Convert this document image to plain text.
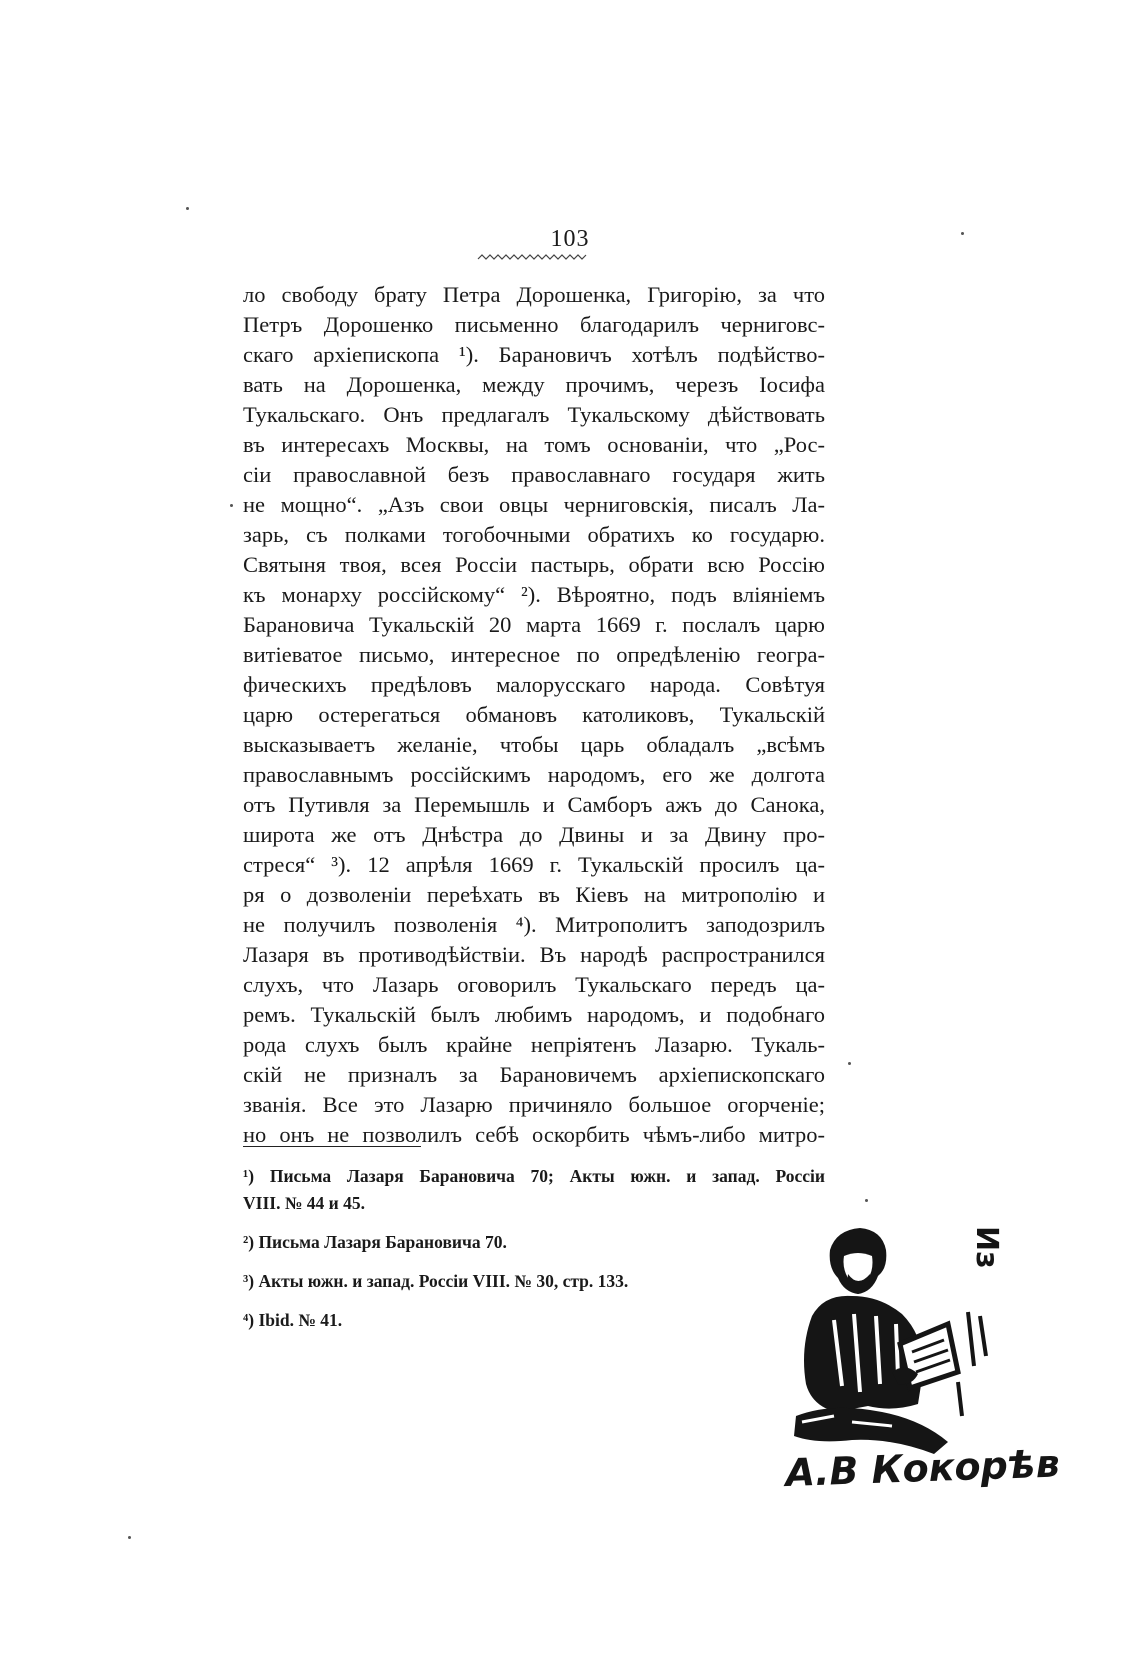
103
ло свободу брату Петра Дорошенка, Григорію, за что
Петръ Дорошенко письменно благодарилъ черниговс-
скаго архіепископа ¹). Барановичъ хотѣлъ подѣйство-
вать на Дорошенка, между прочимъ, черезъ Іосифа
Тукальскаго. Онъ предлагалъ Тукальскому дѣйствовать
въ интересахъ Москвы, на томъ основаніи, что „Рос-
сіи православной безъ православнаго государя жить
не мощно“. „Азъ свои овцы черниговскія, писалъ Ла-
зарь, съ полками тогобочными обратихъ ко государю.
Святыня твоя, всея Россіи пастырь, обрати всю Россію
къ монарху россійскому“ ²). Вѣроятно, подъ вліяніемъ
Барановича Тукальскій 20 марта 1669 г. послалъ царю
витіеватое письмо, интересное по опредѣленію геогра-
фическихъ предѣловъ малорусскаго народа. Совѣтуя
царю остерегаться обмановъ католиковъ, Тукальскій
высказываетъ желаніе, чтобы царь обладалъ „всѣмъ
православнымъ россійскимъ народомъ, его же долгота
отъ Путивля за Перемышль и Самборъ ажъ до Санока,
широта же отъ Днѣстра до Двины и за Двину про-
стреся“ ³). 12 апрѣля 1669 г. Тукальскій просилъ ца-
ря о дозволеніи переѣхать въ Кіевъ на митрополію и
не получилъ позволенія ⁴). Митрополитъ заподозрилъ
Лазаря въ противодѣйствіи. Въ народѣ распространился
слухъ, что Лазарь оговорилъ Тукальскаго передъ ца-
ремъ. Тукальскій былъ любимъ народомъ, и подобнаго
рода слухъ былъ крайне непріятенъ Лазарю. Тукаль-
скій не призналъ за Барановичемъ архіепископскаго
званія. Все это Лазарю причиняло большое огорченіе;
но онъ не позволилъ себѣ оскорбить чѣмъ-либо митро-
¹) Письма Лазаря Барановича 70; Акты южн. и запад. Россіи
VIII. № 44 и 45.
²) Письма Лазаря Барановича 70.
³) Акты южн. и запад. Россіи VIII. № 30, стр. 133.
⁴) Ibid. № 41.
Из
А.В Кокорѣв
